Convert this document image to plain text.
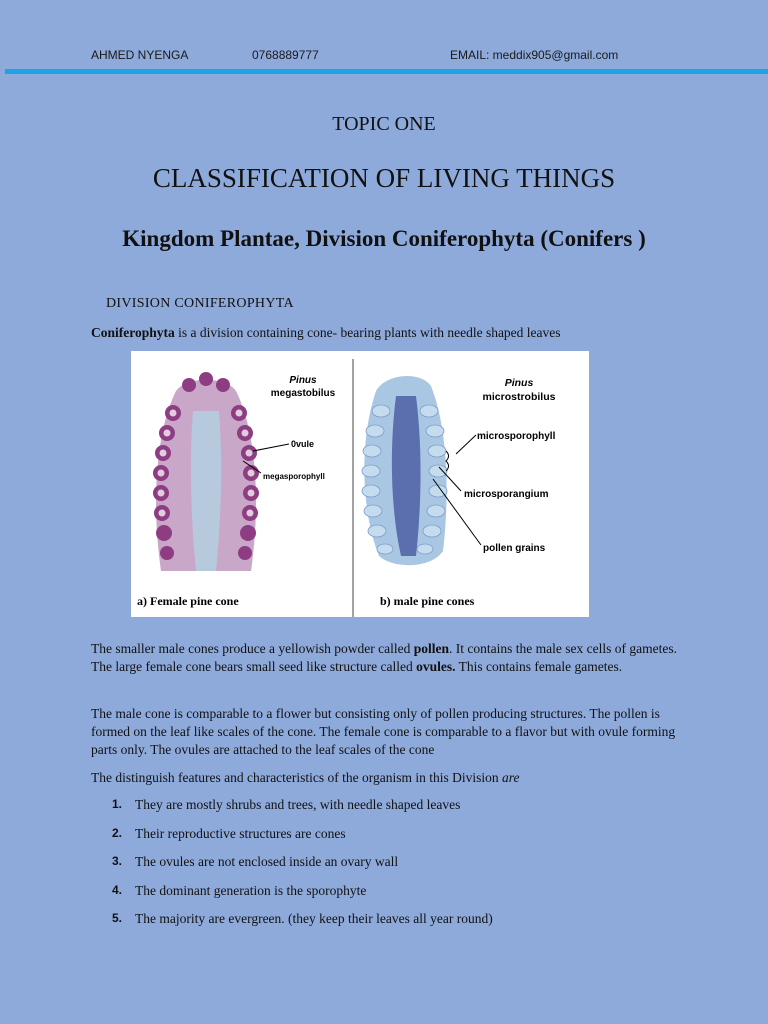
AHMED NYENGA	0768889777	EMAIL: meddix905@gmail.com
TOPIC ONE
CLASSIFICATION OF LIVING THINGS
Kingdom Plantae, Division Coniferophyta (Conifers )
DIVISION CONIFEROPHYTA
Coniferophyta is a division containing cone- bearing plants with needle shaped leaves
Pinus
megastobilus
0vule
megasporophyll
a) Female pine cone
Pinus
microstrobilus
microsporophyll
microsporangium
pollen grains
b) male pine cones
The smaller male cones produce a yellowish powder called pollen. It contains the male sex cells of gametes. The large female cone bears small seed like structure called ovules. This contains female gametes.
The male cone is comparable to a flower but consisting only of pollen producing structures. The pollen is formed on the leaf like scales of the cone. The female cone is comparable to a flavor but with ovule forming parts only. The ovules are attached to the leaf scales of the cone
The distinguish features and characteristics of the organism in this Division are
1. They are mostly shrubs and trees, with needle shaped leaves
2. Their reproductive structures are cones
3. The ovules are not enclosed inside an ovary wall
4. The dominant generation is the sporophyte
5. The majority are evergreen. (they keep their leaves all year round)
